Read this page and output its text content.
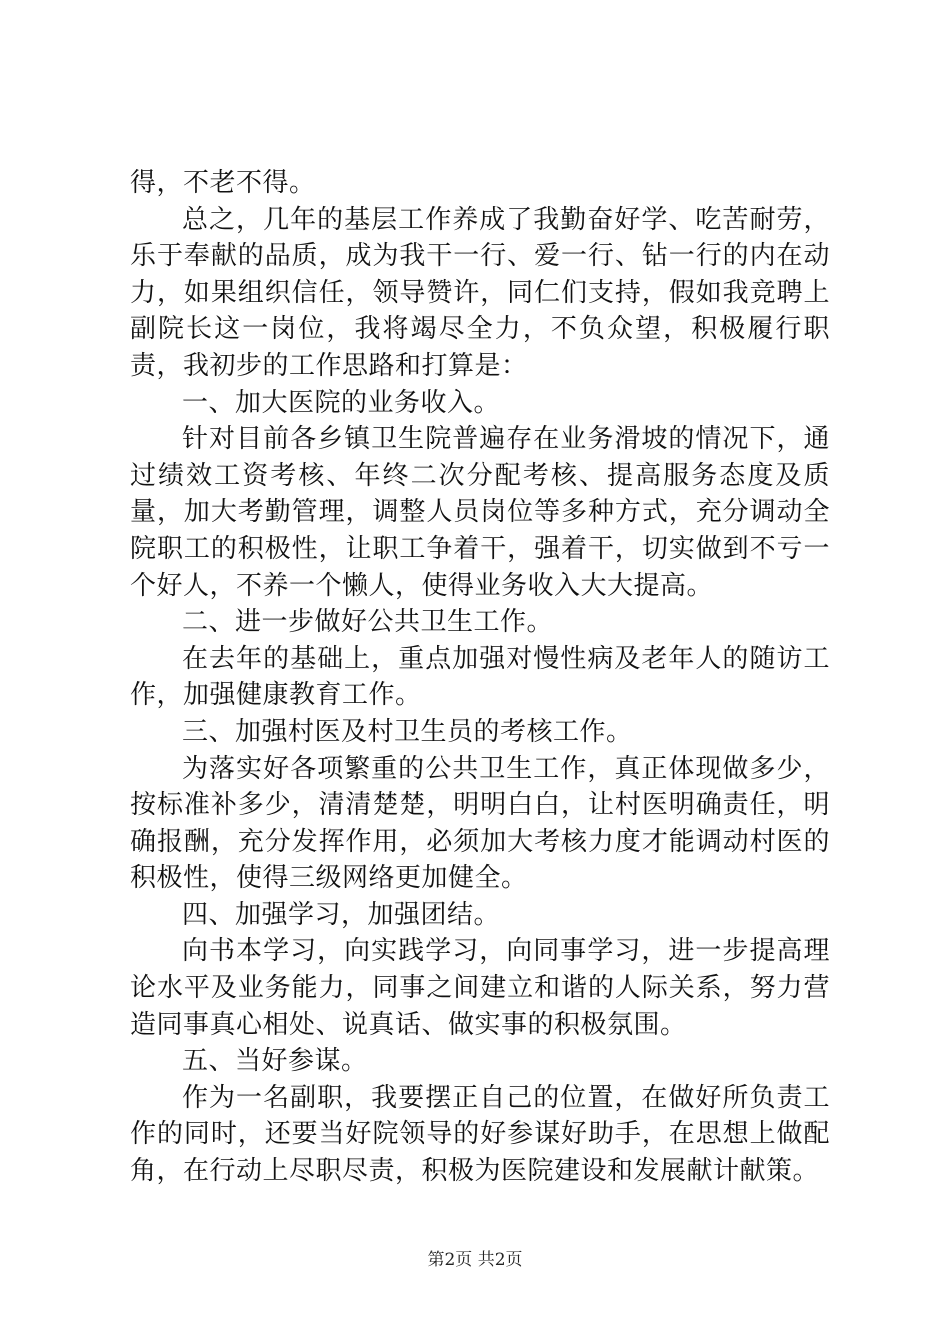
得，不老不得。

总之，几年的基层工作养成了我勤奋好学、吃苦耐劳，乐于奉献的品质，成为我干一行、爱一行、钻一行的内在动力，如果组织信任，领导赞许，同仁们支持，假如我竞聘上副院长这一岗位，我将竭尽全力，不负众望，积极履行职责，我初步的工作思路和打算是：

一、加大医院的业务收入。

针对目前各乡镇卫生院普遍存在业务滑坡的情况下，通过绩效工资考核、年终二次分配考核、提高服务态度及质量，加大考勤管理，调整人员岗位等多种方式，充分调动全院职工的积极性，让职工争着干，强着干，切实做到不亏一个好人，不养一个懒人，使得业务收入大大提高。

二、进一步做好公共卫生工作。

在去年的基础上，重点加强对慢性病及老年人的随访工作，加强健康教育工作。

三、加强村医及村卫生员的考核工作。

为落实好各项繁重的公共卫生工作，真正体现做多少，按标准补多少，清清楚楚，明明白白，让村医明确责任，明确报酬，充分发挥作用，必须加大考核力度才能调动村医的积极性，使得三级网络更加健全。

四、加强学习，加强团结。

向书本学习，向实践学习，向同事学习，进一步提高理论水平及业务能力，同事之间建立和谐的人际关系，努力营造同事真心相处、说真话、做实事的积极氛围。

五、当好参谋。

作为一名副职，我要摆正自己的位置，在做好所负责工作的同时，还要当好院领导的好参谋好助手，在思想上做配角，在行动上尽职尽责，积极为医院建设和发展献计献策。

第2页 共2页
